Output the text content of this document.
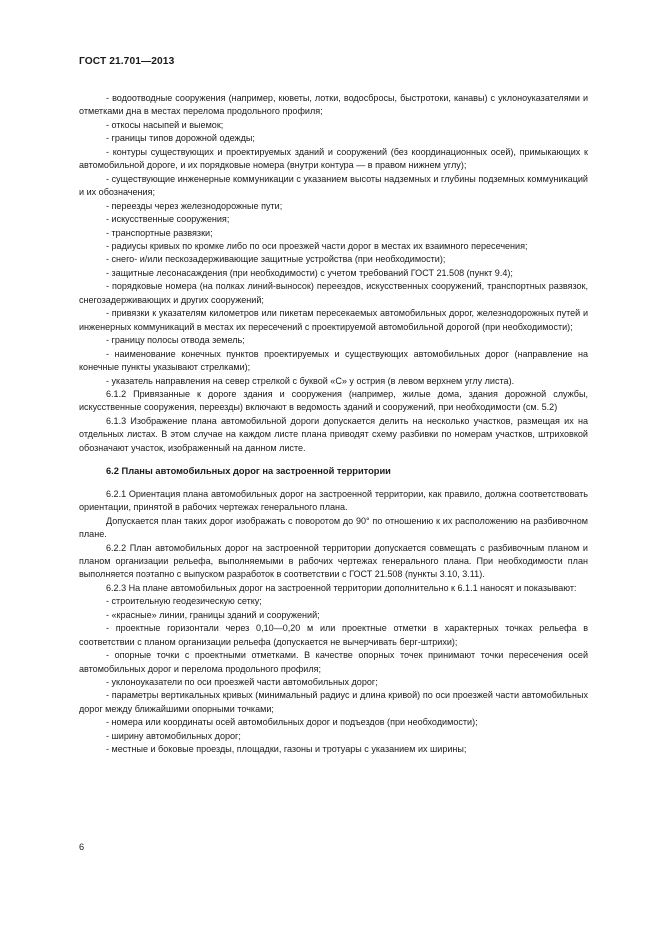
ГОСТ 21.701—2013

- водоотводные сооружения (например, кюветы, лотки, водосбросы, быстротоки, канавы) с уклоноуказателями и отметками дна в местах перелома продольного профиля;

- откосы насыпей и выемок;

- границы типов дорожной одежды;

- контуры существующих и проектируемых зданий и сооружений (без координационных осей), примыкающих к автомобильной дороге, и их порядковые номера (внутри контура — в правом нижнем углу);

- существующие инженерные коммуникации с указанием высоты надземных и глубины подземных коммуникаций и их обозначения;

- переезды через железнодорожные пути;

- искусственные сооружения;

- транспортные развязки;

- радиусы кривых по кромке либо по оси проезжей части дорог в местах их взаимного пересечения;

- снего- и/или пескозадерживающие защитные устройства (при необходимости);

- защитные лесонасаждения (при необходимости) с учетом требований ГОСТ 21.508 (пункт 9.4);

- порядковые номера (на полках линий-выносок) переездов, искусственных сооружений, транспортных развязок, снегозадерживающих и других сооружений;

- привязки к указателям километров или пикетам пересекаемых автомобильных дорог, железнодорожных путей и инженерных коммуникаций в местах их пересечений с проектируемой автомобильной дорогой (при необходимости);

- границу полосы отвода земель;

- наименование конечных пунктов проектируемых и существующих автомобильных дорог (направление на конечные пункты указывают стрелками);

- указатель направления на север стрелкой с буквой «С» у острия (в левом верхнем углу листа).

6.1.2 Привязанные к дороге здания и сооружения (например, жилые дома, здания дорожной службы, искусственные сооружения, переезды) включают в ведомость зданий и сооружений, при необходимости (см. 5.2)

6.1.3 Изображение плана автомобильной дороги допускается делить на несколько участков, размещая их на отдельных листах. В этом случае на каждом листе плана приводят схему разбивки по номерам участков, штриховкой обозначают участок, изображенный на данном листе.

6.2 Планы автомобильных дорог на застроенной территории

6.2.1 Ориентация плана автомобильных дорог на застроенной территории, как правило, должна соответствовать ориентации, принятой в рабочих чертежах генерального плана.

Допускается план таких дорог изображать с поворотом до 90° по отношению к их расположению на разбивочном плане.

6.2.2 План автомобильных дорог на застроенной территории допускается совмещать с разбивочным планом и планом организации рельефа, выполняемыми в рабочих чертежах генерального плана. При необходимости план выполняется поэтапно с выпуском разработок в соответствии с ГОСТ 21.508 (пункты 3.10, 3.11).

6.2.3 На плане автомобильных дорог на застроенной территории дополнительно к 6.1.1 наносят и показывают:

- строительную геодезическую сетку;

- «красные» линии, границы зданий и сооружений;

- проектные горизонтали через 0,10—0,20 м или проектные отметки в характерных точках рельефа в соответствии с планом организации рельефа (допускается не вычерчивать берг-штрихи);

- опорные точки с проектными отметками. В качестве опорных точек принимают точки пересечения осей автомобильных дорог и перелома продольного профиля;

- уклоноуказатели по оси проезжей части автомобильных дорог;

- параметры вертикальных кривых (минимальный радиус и длина кривой) по оси проезжей части автомобильных дорог между ближайшими опорными точками;

- номера или координаты осей автомобильных дорог и подъездов (при необходимости);

- ширину автомобильных дорог;

- местные и боковые проезды, площадки, газоны и тротуары с указанием их ширины;

6
